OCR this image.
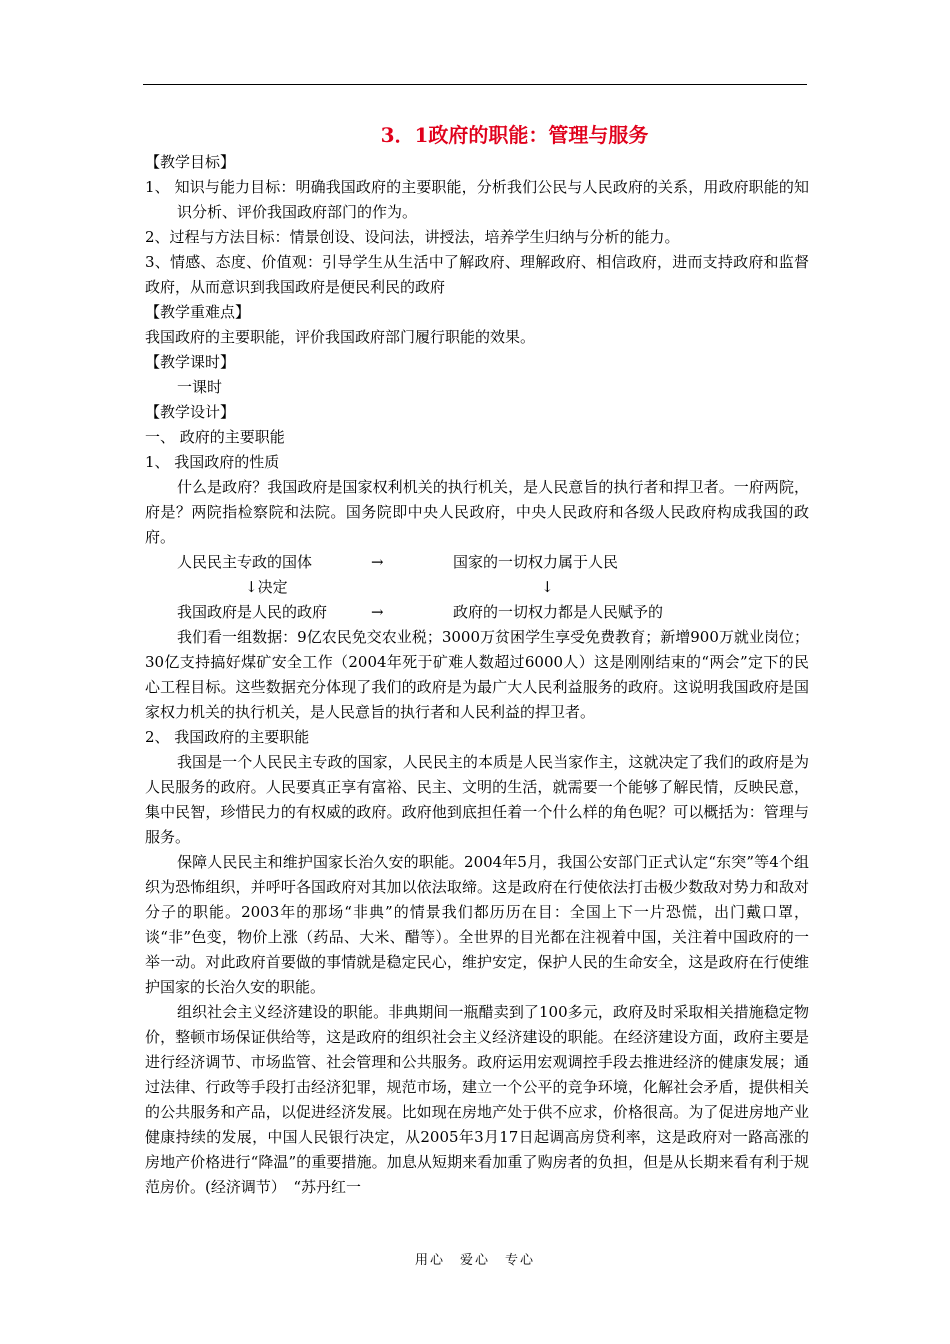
3．1政府的职能：管理与服务
【教学目标】

1、 知识与能力目标：明确我国政府的主要职能，分析我们公民与人民政府的关系，用政府职能的知识分析、评价我国政府部门的作为。

2、过程与方法目标：情景创设、设问法，讲授法，培养学生归纳与分析的能力。

3、情感、态度、价值观：引导学生从生活中了解政府、理解政府、相信政府，进而支持政府和监督政府，从而意识到我国政府是便民利民的政府

【教学重难点】

我国政府的主要职能，评价我国政府部门履行职能的效果。

【教学课时】

一课时

【教学设计】
一、 政府的主要职能
1、 我国政府的性质

什么是政府？我国政府是国家权利机关的执行机关，是人民意旨的执行者和捍卫者。一府两院，府是？两院指检察院和法院。国务院即中央人民政府，中央人民政府和各级人民政府构成我国的政府。

人民民主专政的国体	→	国家的一切权力属于人民
↓决定	↓
我国政府是人民的政府	→	政府的一切权力都是人民赋予的

我们看一组数据：9亿农民免交农业税；3000万贫困学生享受免费教育；新增900万就业岗位；30亿支持搞好煤矿安全工作（2004年死于矿难人数超过6000人）这是刚刚结束的“两会”定下的民心工程目标。这些数据充分体现了我们的政府是为最广大人民利益服务的政府。这说明我国政府是国家权力机关的执行机关，是人民意旨的执行者和人民利益的捍卫者。

2、 我国政府的主要职能

我国是一个人民民主专政的国家，人民民主的本质是人民当家作主，这就决定了我们的政府是为人民服务的政府。人民要真正享有富裕、民主、文明的生活，就需要一个能够了解民情，反映民意，集中民智，珍惜民力的有权威的政府。政府他到底担任着一个什么样的角色呢？可以概括为：管理与服务。

保障人民民主和维护国家长治久安的职能。2004年5月，我国公安部门正式认定“东突”等4个组织为恐怖组织，并呼吁各国政府对其加以依法取缔。这是政府在行使依法打击极少数敌对势力和敌对分子的职能。2003年的那场“非典”的情景我们都历历在目：全国上下一片恐慌，出门戴口罩，谈“非”色变，物价上涨（药品、大米、醋等）。全世界的目光都在注视着中国，关注着中国政府的一举一动。对此政府首要做的事情就是稳定民心，维护安定，保护人民的生命安全，这是政府在行使维护国家的长治久安的职能。

组织社会主义经济建设的职能。非典期间一瓶醋卖到了100多元，政府及时采取相关措施稳定物价，整顿市场保证供给等，这是政府的组织社会主义经济建设的职能。在经济建设方面，政府主要是进行经济调节、市场监管、社会管理和公共服务。政府运用宏观调控手段去推进经济的健康发展；通过法律、行政等手段打击经济犯罪，规范市场，建立一个公平的竞争环境，化解社会矛盾，提供相关的公共服务和产品，以促进经济发展。比如现在房地产处于供不应求，价格很高。为了促进房地产业健康持续的发展，中国人民银行决定，从2005年3月17日起调高房贷利率，这是政府对一路高涨的房地产价格进行“降温”的重要措施。加息从短期来看加重了购房者的负担，但是从长期来看有利于规范房价。(经济调节）　“苏丹红一

用心　爱心　专心
